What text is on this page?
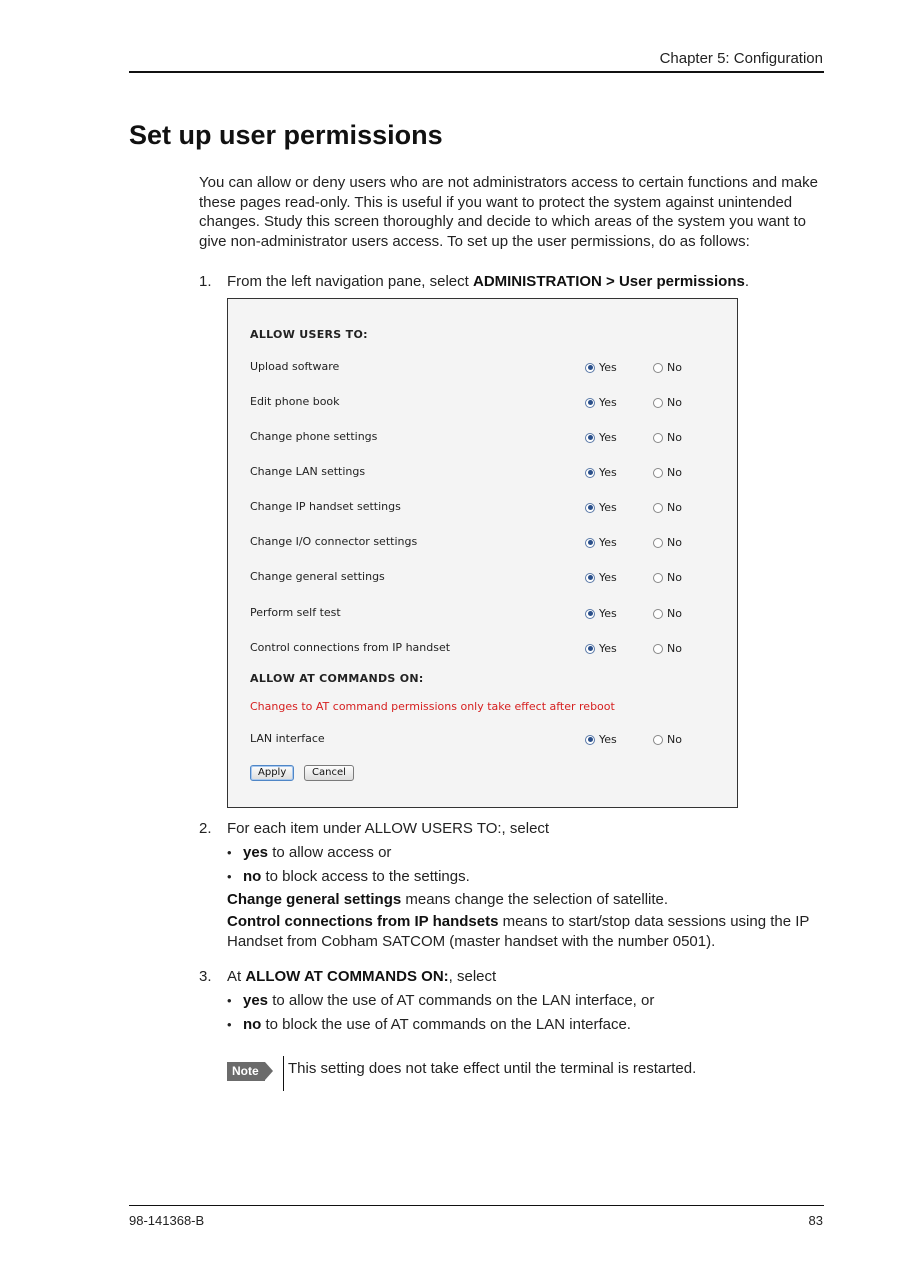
Chapter 5: Configuration
Set up user permissions

You can allow or deny users who are not administrators access to certain functions and make these pages read-only. This is useful if you want to protect the system against unintended changes. Study this screen thoroughly and decide to which areas of the system you want to give non-administrator users access. To set up the user permissions, do as follows:

1. From the left navigation pane, select ADMINISTRATION > User permissions.
ALLOW USERS TO:
Upload software	Yes	No
Edit phone book	Yes	No
Change phone settings	Yes	No
Change LAN settings	Yes	No
Change IP handset settings	Yes	No
Change I/O connector settings	Yes	No
Change general settings	Yes	No
Perform self test	Yes	No
Control connections from IP handset	Yes	No
ALLOW AT COMMANDS ON:
Changes to AT command permissions only take effect after reboot
LAN interface	Yes	No
Apply	Cancel
2. For each item under ALLOW USERS TO:, select
• yes to allow access or
• no to block access to the settings.
Change general settings means change the selection of satellite.
Control connections from IP handsets means to start/stop data sessions using the IP Handset from Cobham SATCOM (master handset with the number 0501).
3. At ALLOW AT COMMANDS ON:, select
• yes to allow the use of AT commands on the LAN interface, or
• no to block the use of AT commands on the LAN interface.
Note	This setting does not take effect until the terminal is restarted.
98-141368-B	83
